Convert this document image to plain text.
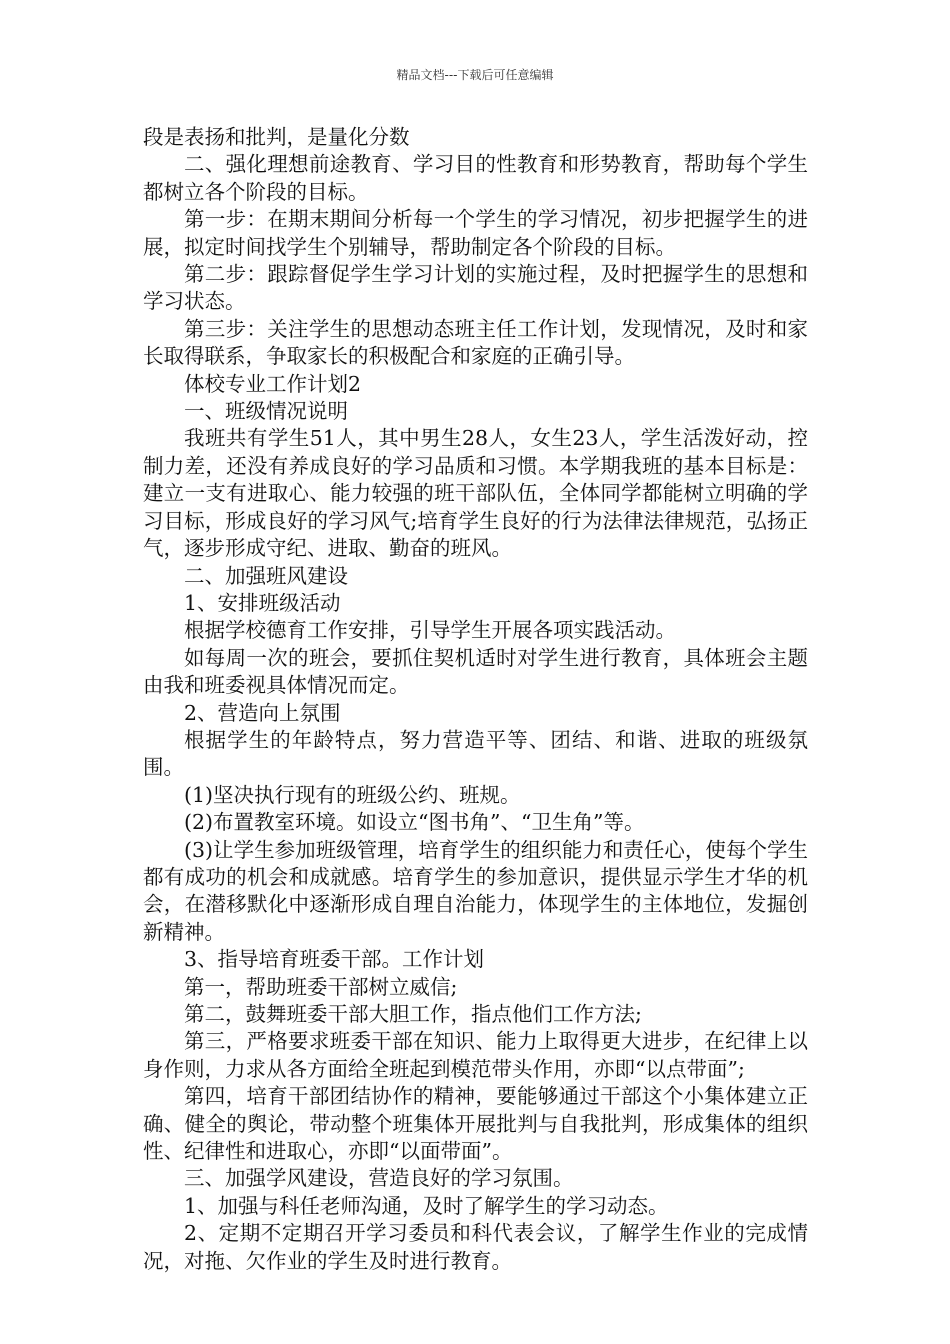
精品文档---下载后可任意编辑

段是表扬和批判，是量化分数

二、强化理想前途教育、学习目的性教育和形势教育，帮助每个学生都树立各个阶段的目标。

第一步：在期末期间分析每一个学生的学习情况，初步把握学生的进展，拟定时间找学生个别辅导，帮助制定各个阶段的目标。

第二步：跟踪督促学生学习计划的实施过程，及时把握学生的思想和学习状态。

第三步：关注学生的思想动态班主任工作计划，发现情况，及时和家长取得联系，争取家长的积极配合和家庭的正确引导。

体校专业工作计划2

一、班级情况说明

我班共有学生51人，其中男生28人，女生23人，学生活泼好动，控制力差，还没有养成良好的学习品质和习惯。本学期我班的基本目标是：建立一支有进取心、能力较强的班干部队伍，全体同学都能树立明确的学习目标，形成良好的学习风气;培育学生良好的行为法律法律规范，弘扬正气，逐步形成守纪、进取、勤奋的班风。

二、加强班风建设

1、安排班级活动

根据学校德育工作安排，引导学生开展各项实践活动。

如每周一次的班会，要抓住契机适时对学生进行教育，具体班会主题由我和班委视具体情况而定。

2、营造向上氛围

根据学生的年龄特点，努力营造平等、团结、和谐、进取的班级氛围。

(1)坚决执行现有的班级公约、班规。

(2)布置教室环境。如设立“图书角”、“卫生角”等。

(3)让学生参加班级管理，培育学生的组织能力和责任心，使每个学生都有成功的机会和成就感。培育学生的参加意识，提供显示学生才华的机会，在潜移默化中逐渐形成自理自治能力，体现学生的主体地位，发掘创新精神。

3、指导培育班委干部。工作计划

第一，帮助班委干部树立威信;

第二，鼓舞班委干部大胆工作，指点他们工作方法;

第三，严格要求班委干部在知识、能力上取得更大进步，在纪律上以身作则，力求从各方面给全班起到模范带头作用，亦即“以点带面”;

第四，培育干部团结协作的精神，要能够通过干部这个小集体建立正确、健全的舆论，带动整个班集体开展批判与自我批判，形成集体的组织性、纪律性和进取心，亦即“以面带面”。

三、加强学风建设，营造良好的学习氛围。

1、加强与科任老师沟通，及时了解学生的学习动态。

2、定期不定期召开学习委员和科代表会议，了解学生作业的完成情况，对拖、欠作业的学生及时进行教育。
